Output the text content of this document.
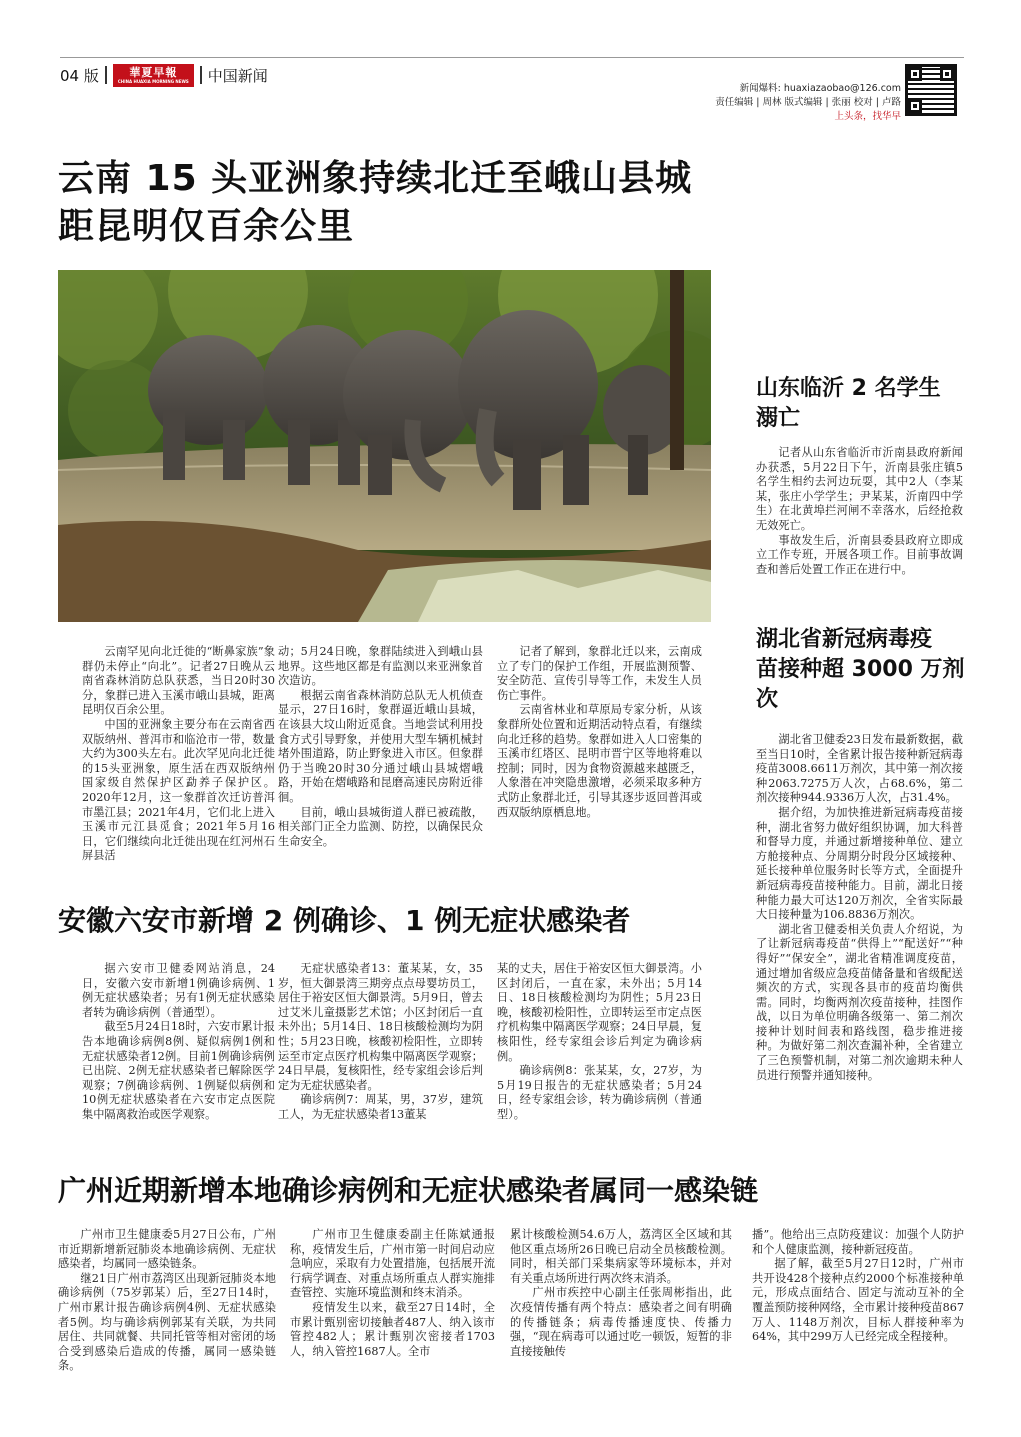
04 版	華夏早報
CHINA HUAXIA MORNING NEWS 中国新闻
新闻爆料: huaxiazaobao@126.com
责任编辑 | 周林 版式编辑 | 张丽 校对 | 卢路
上头条，找华早
云南 15 头亚洲象持续北迁至峨山县城
距昆明仅百余公里

云南罕见向北迁徙的“断鼻家族”象群仍未停止“向北”。记者27日晚从云南省森林消防总队获悉，当日20时30分，象群已进入玉溪市峨山县城，距离昆明仅百余公里。

中国的亚洲象主要分布在云南省西双版纳州、普洱市和临沧市一带，数量大约为300头左右。此次罕见向北迁徙的15头亚洲象，原生活在西双版纳州国家级自然保护区勐养子保护区。2020年12月，这一象群首次迁访普洱市墨江县；2021年4月，它们北上进入玉溪市元江县觅食；2021年5月16日，它们继续向北迁徙出现在红河州石屏县活

动；5月24日晚，象群陆续进入到峨山县地界。这些地区都是有监测以来亚洲象首次造访。

根据云南省森林消防总队无人机侦查显示，27日16时，象群逼近峨山县城，在该县大坟山附近觅食。当地尝试利用投食方式引导野象，并使用大型车辆机械封堵外围道路，防止野象进入市区。但象群仍于当晚20时30分通过峨山县城熠峨路，开始在熠峨路和昆磨高速民房附近徘徊。

目前，峨山县城街道人群已被疏散，相关部门正全力监测、防控，以确保民众生命安全。

记者了解到，象群北迁以来，云南成立了专门的保护工作组，开展监测预警、安全防范、宣传引导等工作，未发生人员伤亡事件。

云南省林业和草原局专家分析，从该象群所处位置和近期活动特点看，有继续向北迁移的趋势。象群如进入人口密集的玉溪市红塔区、昆明市晋宁区等地将难以控制；同时，因为食物资源越来越匮乏，人象潜在冲突隐患激增，必须采取多种方式防止象群北迁，引导其逐步返回普洱或西双版纳原栖息地。

山东临沂 2 名学生
溺亡

记者从山东省临沂市沂南县政府新闻办获悉，5月22日下午，沂南县张庄镇5名学生相约去河边玩耍，其中2人（李某某，张庄小学学生；尹某某，沂南四中学生）在北黄埠拦河闸不幸落水，后经抢救无效死亡。

事故发生后，沂南县委县政府立即成立工作专班，开展各项工作。目前事故调查和善后处置工作正在进行中。

湖北省新冠病毒疫
苗接种超 3000 万剂
次

湖北省卫健委23日发布最新数据，截至当日10时，全省累计报告接种新冠病毒疫苗3008.6611万剂次，其中第一剂次接种2063.7275万人次，占68.6%，第二剂次接种944.9336万人次，占31.4%。

据介绍，为加快推进新冠病毒疫苗接种，湖北省努力做好组织协调，加大科普和督导力度，并通过新增接种单位、建立方舱接种点、分周期分时段分区域接种、延长接种单位服务时长等方式，全面提升新冠病毒疫苗接种能力。目前，湖北日接种能力最大可达120万剂次，全省实际最大日接种量为106.8836万剂次。

湖北省卫健委相关负责人介绍说，为了让新冠病毒疫苗“供得上”“配送好”“种得好”“保安全”，湖北省精准调度疫苗，通过增加省级应急疫苗储备量和省级配送频次的方式，实现各县市的疫苗均衡供需。同时，均衡两剂次疫苗接种，挂图作战，以日为单位明确各级第一、第二剂次接种计划时间表和路线图，稳步推进接种。为做好第二剂次查漏补种，全省建立了三色预警机制，对第二剂次逾期未种人员进行预警并通知接种。

安徽六安市新增 2 例确诊、1 例无症状感染者

据六安市卫健委网站消息，24日，安徽六安市新增1例确诊病例、1例无症状感染者；另有1例无症状感染者转为确诊病例（普通型）。

截至5月24日18时，六安市累计报告本地确诊病例8例、疑似病例1例和无症状感染者12例。目前1例确诊病例已出院、2例无症状感染者已解除医学观察；7例确诊病例、1例疑似病例和10例无症状感染者在六安市定点医院集中隔离救治或医学观察。

无症状感染者13：董某某，女，35岁，恒大御景湾三期旁点点母婴坊员工，居住于裕安区恒大御景湾。5月9日，曾去过艾米儿童摄影艺术馆；小区封闭后一直未外出；5月14日、18日核酸检测均为阴性；5月23日晚，核酸初检阳性，立即转运至市定点医疗机构集中隔离医学观察；24日早晨，复核阳性，经专家组会诊后判定为无症状感染者。

确诊病例7：周某，男，37岁，建筑工人，为无症状感染者13董某

某的丈夫，居住于裕安区恒大御景湾。小区封闭后，一直在家，未外出；5月14日、18日核酸检测均为阴性；5月23日晚，核酸初检阳性，立即转运至市定点医疗机构集中隔离医学观察；24日早晨，复核阳性，经专家组会诊后判定为确诊病例。

确诊病例8：张某某，女，27岁，为5月19日报告的无症状感染者；5月24日，经专家组会诊，转为确诊病例（普通型）。

广州近期新增本地确诊病例和无症状感染者属同一感染链

广州市卫生健康委5月27日公布，广州市近期新增新冠肺炎本地确诊病例、无症状感染者，均属同一感染链条。

继21日广州市荔湾区出现新冠肺炎本地确诊病例（75岁郭某）后，至27日14时，广州市累计报告确诊病例4例、无症状感染者5例。均与确诊病例郭某有关联，为共同居住、共同就餐、共同托管等相对密闭的场合受到感染后造成的传播，属同一感染链条。

广州市卫生健康委副主任陈斌通报称，疫情发生后，广州市第一时间启动应急响应，采取有力处置措施，包括展开流行病学调查、对重点场所重点人群实施排查管控、实施环境监测和终末消杀。

疫情发生以来，截至27日14时，全市累计甄别密切接触者487人、纳入该市管控482人；累计甄别次密接者1703人，纳入管控1687人。全市

累计核酸检测54.6万人，荔湾区全区域和其他区重点场所26日晚已启动全员核酸检测。同时，相关部门采集病家等环境标本，并对有关重点场所进行两次终末消杀。

广州市疾控中心副主任张周彬指出，此次疫情传播有两个特点：感染者之间有明确的传播链条；病毒传播速度快、传播力强，“现在病毒可以通过吃一顿饭，短暂的非直接接触传

播”。他给出三点防疫建议：加强个人防护和个人健康监测，接种新冠疫苗。

据了解，截至5月27日12时，广州市共开设428个接种点约2000个标准接种单元，形成点面结合、固定与流动互补的全覆盖预防接种网络，全市累计接种疫苗867万人、1148万剂次，目标人群接种率为64%，其中299万人已经完成全程接种。
